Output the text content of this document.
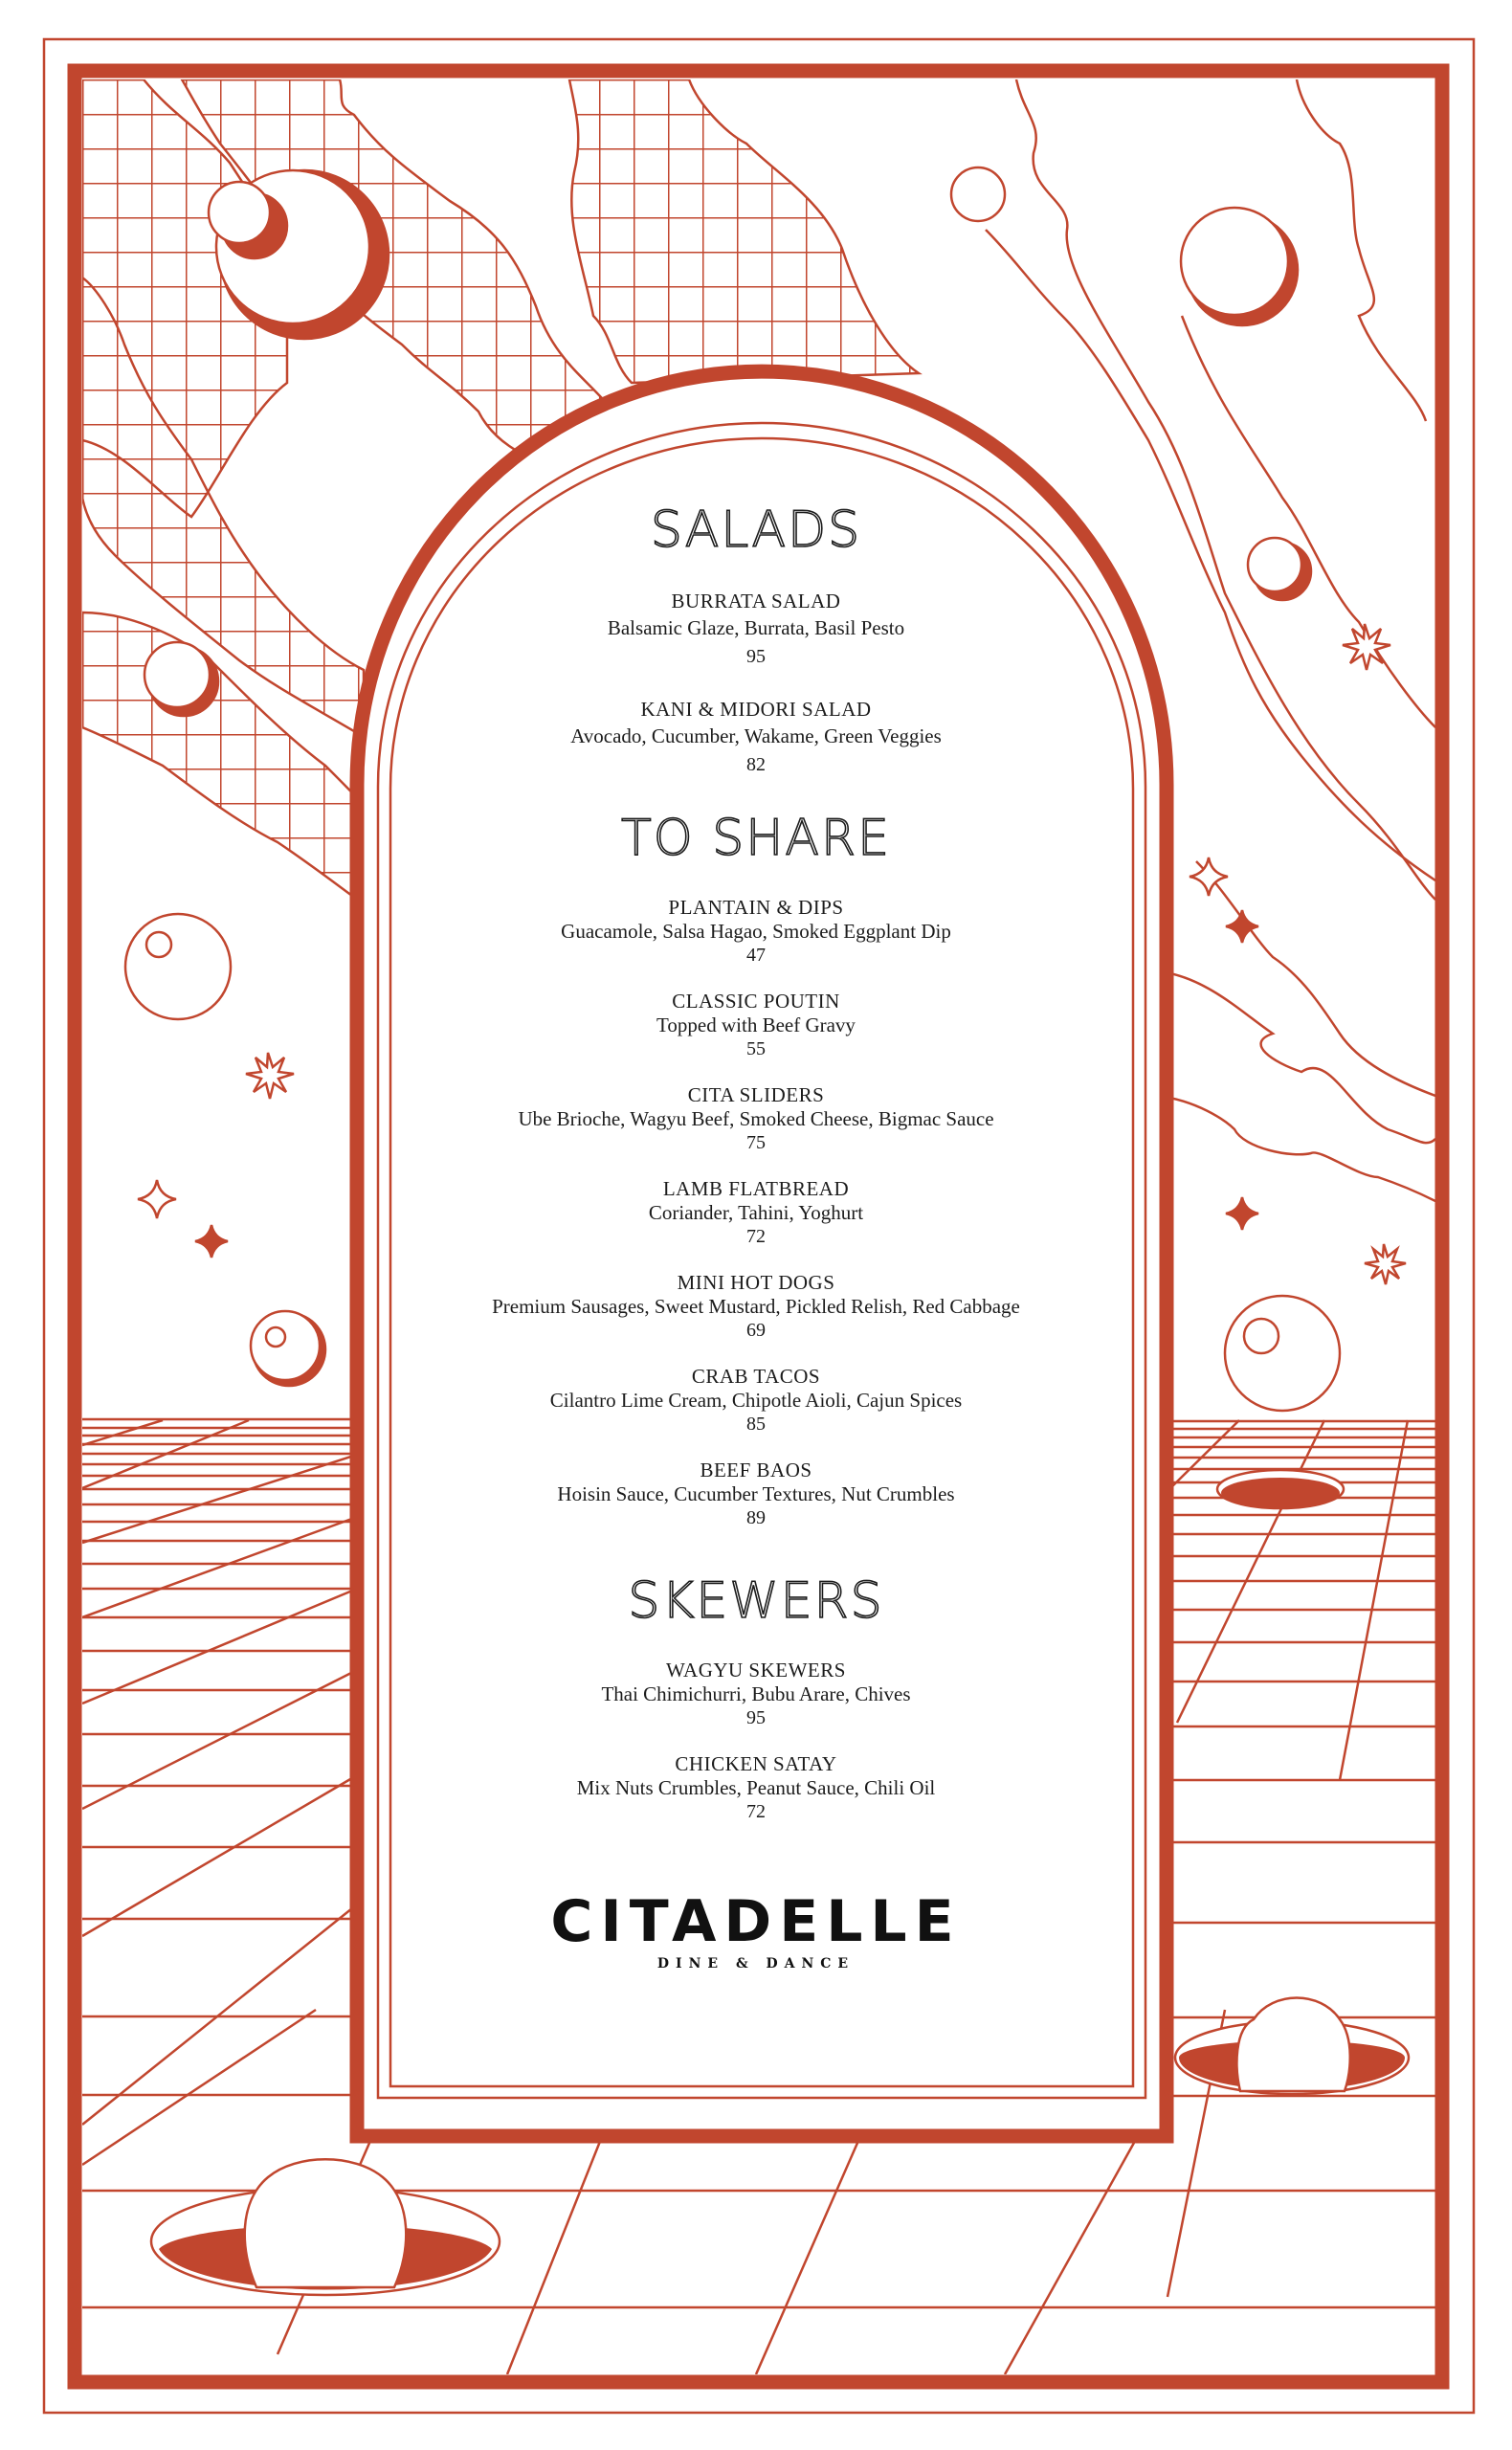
SALADS
BURRATA SALAD
Balsamic Glaze, Burrata, Basil Pesto
95
KANI & MIDORI SALAD
Avocado, Cucumber, Wakame, Green Veggies
82
TO SHARE
PLANTAIN & DIPS
Guacamole, Salsa Hagao, Smoked Eggplant Dip
47
CLASSIC POUTIN
Topped with Beef Gravy
55
CITA SLIDERS
Ube Brioche, Wagyu Beef, Smoked Cheese, Bigmac Sauce
75
LAMB FLATBREAD
Coriander, Tahini, Yoghurt
72
MINI HOT DOGS
Premium Sausages, Sweet Mustard, Pickled Relish, Red Cabbage
69
CRAB TACOS
Cilantro Lime Cream, Chipotle Aioli, Cajun Spices
85
BEEF BAOS
Hoisin Sauce, Cucumber Textures, Nut Crumbles
89
SKEWERS
WAGYU SKEWERS
Thai Chimichurri, Bubu Arare, Chives
95
CHICKEN SATAY
Mix Nuts Crumbles, Peanut Sauce, Chili Oil
72
CITADELLE
DINE & DANCE
